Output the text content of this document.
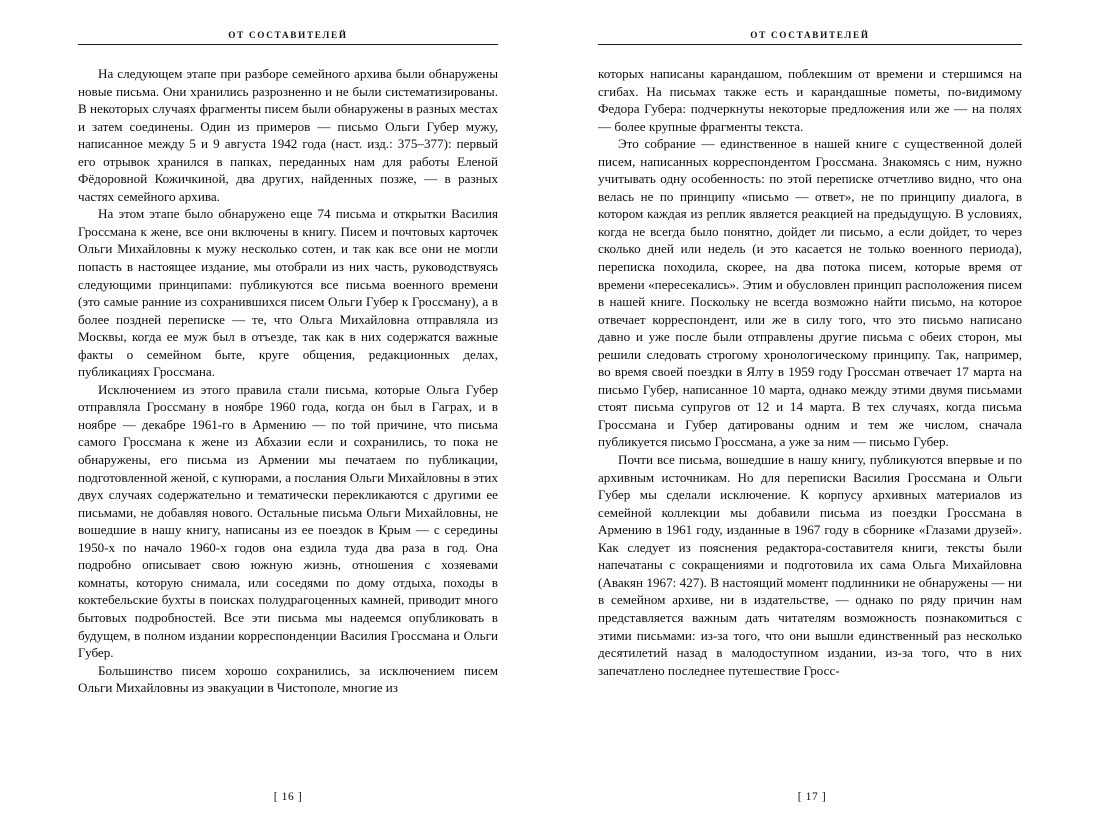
ОТ СОСТАВИТЕЛЕЙ

На следующем этапе при разборе семейного архива были обнаружены новые письма. Они хранились разрозненно и не были систематизированы. В некоторых случаях фрагменты писем были обнаружены в разных местах и затем соединены. Один из примеров — письмо Ольги Губер мужу, написанное между 5 и 9 августа 1942 года (наст. изд.: 375–377): первый его отрывок хранился в папках, переданных нам для работы Еленой Фёдоровной Кожичкиной, два других, найденных позже, — в разных частях семейного архива.

На этом этапе было обнаружено еще 74 письма и открытки Василия Гроссмана к жене, все они включены в книгу. Писем и почтовых карточек Ольги Михайловны к мужу несколько сотен, и так как все они не могли попасть в настоящее издание, мы отобрали из них часть, руководствуясь следующими принципами: публикуются все письма военного времени (это самые ранние из сохранившихся писем Ольги Губер к Гроссману), а в более поздней переписке — те, что Ольга Михайловна отправляла из Москвы, когда ее муж был в отъезде, так как в них содержатся важные факты о семейном быте, круге общения, редакционных делах, публикациях Гроссмана.

Исключением из этого правила стали письма, которые Ольга Губер отправляла Гроссману в ноябре 1960 года, когда он был в Гаграх, и в ноябре — декабре 1961-го в Армению — по той причине, что письма самого Гроссмана к жене из Абхазии если и сохранились, то пока не обнаружены, его письма из Армении мы печатаем по публикации, подготовленной женой, с купюрами, а послания Ольги Михайловны в этих двух случаях содержательно и тематически перекликаются с другими ее письмами, не добавляя нового. Остальные письма Ольги Михайловны, не вошедшие в нашу книгу, написаны из ее поездок в Крым — с середины 1950-х по начало 1960-х годов она ездила туда два раза в год. Она подробно описывает свою южную жизнь, отношения с хозяевами комнаты, которую снимала, или соседями по дому отдыха, походы в коктебельские бухты в поисках полудрагоценных камней, приводит много бытовых подробностей. Все эти письма мы надеемся опубликовать в будущем, в полном издании корреспонденции Василия Гроссмана и Ольги Губер.

Большинство писем хорошо сохранились, за исключением писем Ольги Михайловны из эвакуации в Чистополе, многие из

[ 16 ]
ОТ СОСТАВИТЕЛЕЙ

которых написаны карандашом, поблекшим от времени и стершимся на сгибах. На письмах также есть и карандашные пометы, по-видимому Федора Губера: подчеркнуты некоторые предложения или же — на полях — более крупные фрагменты текста.

Это собрание — единственное в нашей книге с существенной долей писем, написанных корреспондентом Гроссмана. Знакомясь с ним, нужно учитывать одну особенность: по этой переписке отчетливо видно, что она велась не по принципу «письмо — ответ», не по принципу диалога, в котором каждая из реплик является реакцией на предыдущую. В условиях, когда не всегда было понятно, дойдет ли письмо, а если дойдет, то через сколько дней или недель (и это касается не только военного периода), переписка походила, скорее, на два потока писем, которые время от времени «пересекались». Этим и обусловлен принцип расположения писем в нашей книге. Поскольку не всегда возможно найти письмо, на которое отвечает корреспондент, или же в силу того, что это письмо написано давно и уже после были отправлены другие письма с обеих сторон, мы решили следовать строгому хронологическому принципу. Так, например, во время своей поездки в Ялту в 1959 году Гроссман отвечает 17 марта на письмо Губер, написанное 10 марта, однако между этими двумя письмами стоят письма супругов от 12 и 14 марта. В тех случаях, когда письма Гроссмана и Губер датированы одним и тем же числом, сначала публикуется письмо Гроссмана, а уже за ним — письмо Губер.

Почти все письма, вошедшие в нашу книгу, публикуются впервые и по архивным источникам. Но для переписки Василия Гроссмана и Ольги Губер мы сделали исключение. К корпусу архивных материалов из семейной коллекции мы добавили письма из поездки Гроссмана в Армению в 1961 году, изданные в 1967 году в сборнике «Глазами друзей». Как следует из пояснения редактора-составителя книги, тексты были напечатаны с сокращениями и подготовила их сама Ольга Михайловна (Авакян 1967: 427). В настоящий момент подлинники не обнаружены — ни в семейном архиве, ни в издательстве, — однако по ряду причин нам представляется важным дать читателям возможность познакомиться с этими письмами: из-за того, что они вышли единственный раз несколько десятилетий назад в малодоступном издании, из-за того, что в них запечатлено последнее путешествие Гросс-

[ 17 ]
